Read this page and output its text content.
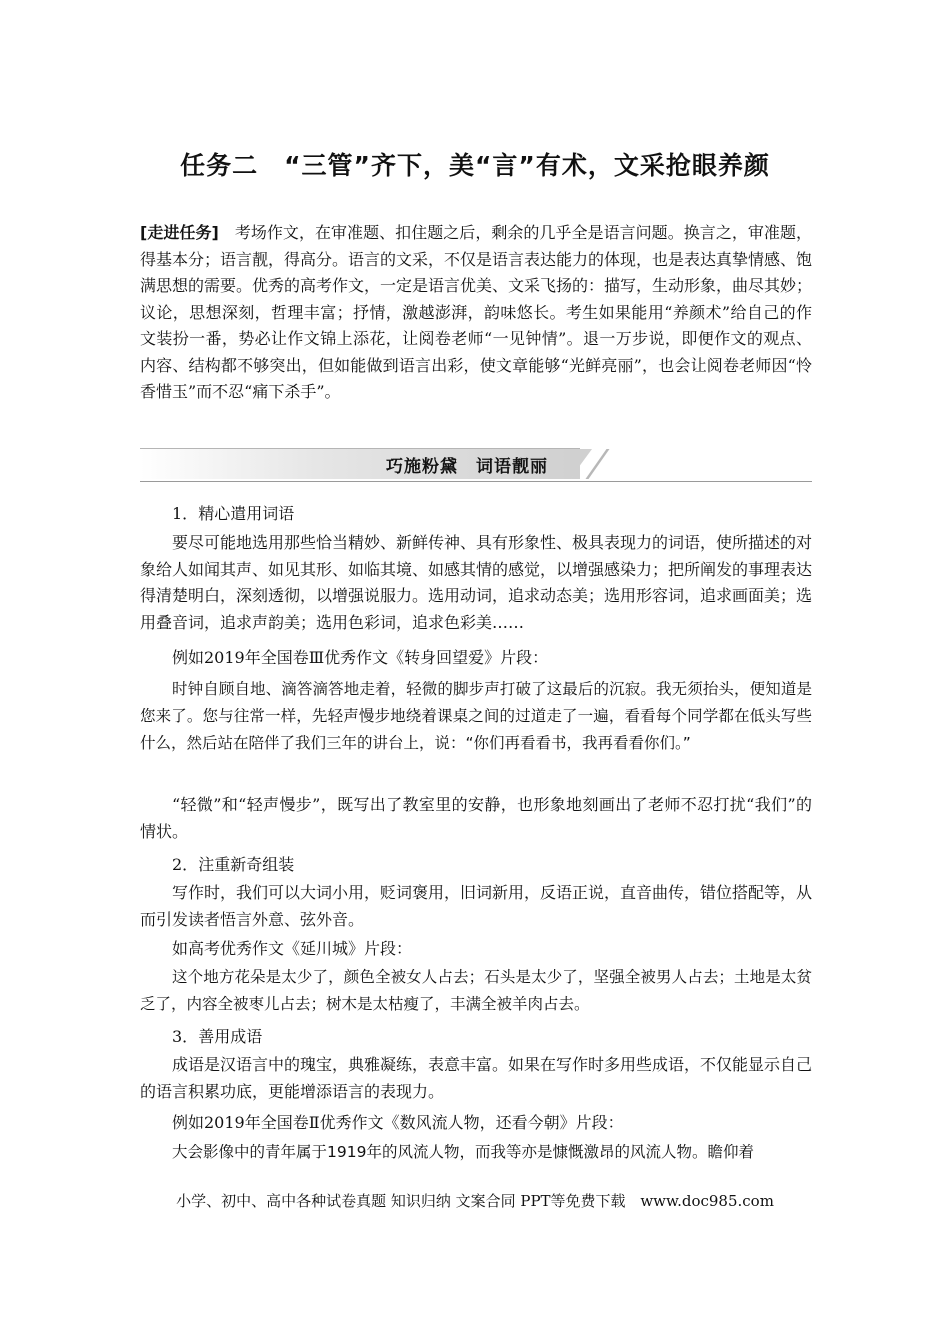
任务二　“三管”齐下，美“言”有术，文采抢眼养颜
[走进任务] 考场作文，在审准题、扣住题之后，剩余的几乎全是语言问题。换言之，审准题，得基本分；语言靓，得高分。语言的文采，不仅是语言表达能力的体现，也是表达真挚情感、饱满思想的需要。优秀的高考作文，一定是语言优美、文采飞扬的：描写，生动形象，曲尽其妙；议论，思想深刻，哲理丰富；抒情，激越澎湃，韵味悠长。考生如果能用“养颜术”给自己的作文装扮一番，势必让作文锦上添花，让阅卷老师“一见钟情”。退一万步说，即便作文的观点、内容、结构都不够突出，但如能做到语言出彩，使文章能够“光鲜亮丽”，也会让阅卷老师因“怜香惜玉”而不忍“痛下杀手”。
巧施粉黛　词语靓丽
1．精心遣用词语
要尽可能地选用那些恰当精妙、新鲜传神、具有形象性、极具表现力的词语，使所描述的对象给人如闻其声、如见其形、如临其境、如感其情的感觉，以增强感染力；把所阐发的事理表达得清楚明白，深刻透彻，以增强说服力。选用动词，追求动态美；选用形容词，追求画面美；选用叠音词，追求声韵美；选用色彩词，追求色彩美……
例如2019年全国卷Ⅲ优秀作文《转身回望爱》片段：
时钟自顾自地、滴答滴答地走着，轻微的脚步声打破了这最后的沉寂。我无须抬头，便知道是您来了。您与往常一样，先轻声慢步地绕着课桌之间的过道走了一遍，看看每个同学都在低头写些什么，然后站在陪伴了我们三年的讲台上，说：“你们再看看书，我再看看你们。”
“轻微”和“轻声慢步”，既写出了教室里的安静，也形象地刻画出了老师不忍打扰“我们”的情状。
2．注重新奇组装
写作时，我们可以大词小用，贬词褒用，旧词新用，反语正说，直音曲传，错位搭配等，从而引发读者悟言外意、弦外音。
如高考优秀作文《延川城》片段：
这个地方花朵是太少了，颜色全被女人占去；石头是太少了，坚强全被男人占去；土地是太贫乏了，内容全被枣儿占去；树木是太枯瘦了，丰满全被羊肉占去。
3．善用成语
成语是汉语言中的瑰宝，典雅凝练，表意丰富。如果在写作时多用些成语，不仅能显示自己的语言积累功底，更能增添语言的表现力。
例如2019年全国卷Ⅱ优秀作文《数风流人物，还看今朝》片段：
大会影像中的青年属于1919年的风流人物，而我等亦是慷慨激昂的风流人物。瞻仰着
小学、初中、高中各种试卷真题 知识归纳 文案合同 PPT等免费下载 www.doc985.com
